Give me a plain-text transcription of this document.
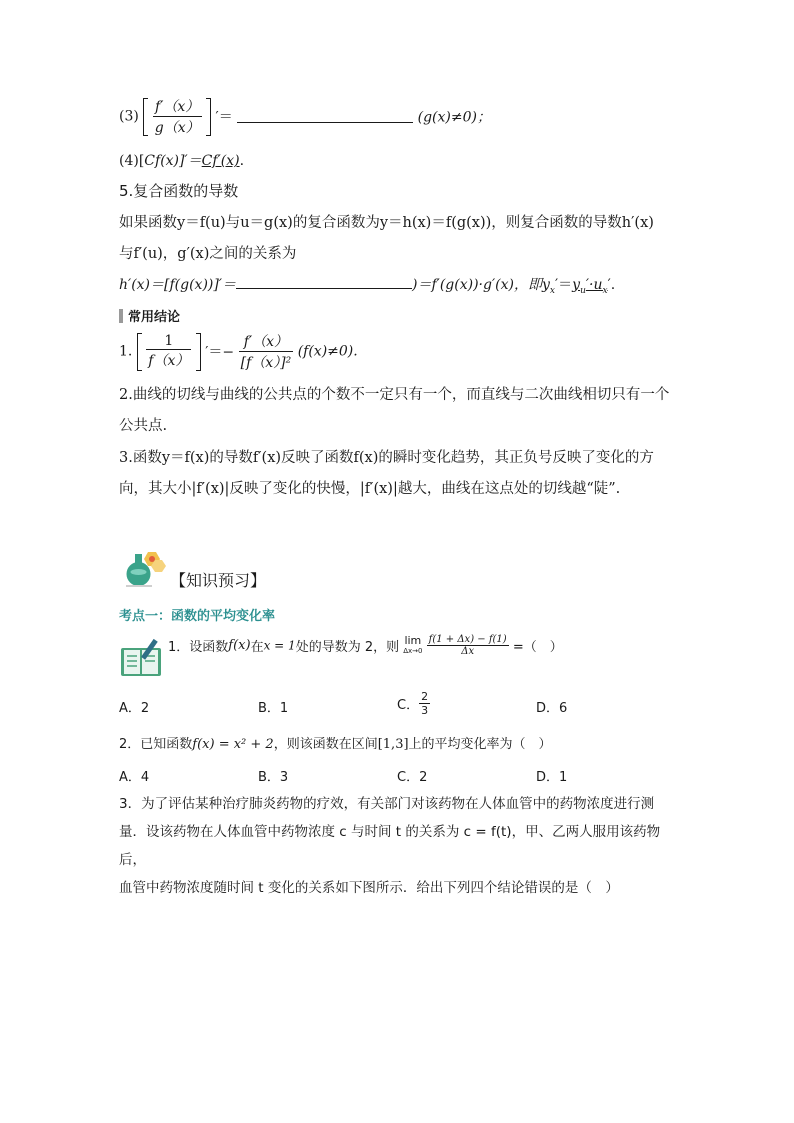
$(3) \frac{f'(x)}{g(x)}$ ′＝	(g(x)≠0)；
(4)[Cf(x)]′＝Cf′(x).
5.复合函数的导数
如果函数y＝f(u)与u＝g(x)的复合函数为y＝h(x)＝f(g(x))，则复合函数的导数h′(x)
与f′(u)，g′(x)之间的关系为
h′(x)＝[f(g(x))]′＝	)＝f′(g(x))·g′(x)，即$y_x'=y_u'\cdot u_x'$.
常用结论
1. $\frac{1}{f(x)}$ ′＝− $\frac{f'(x)}{\text{[f（x）]²}} (f(x)\ne 0)$.
2.曲线的切线与曲线的公共点的个数不一定只有一个，而直线与二次曲线相切只有一个公共点.
3.函数y＝f(x)的导数f′(x)反映了函数f(x)的瞬时变化趋势，其正负号反映了变化的方向，其大小|f′(x)|反映了变化的快慢，|f′(x)|越大，曲线在这点处的切线越“陡”.
【知识预习】
考点一：函数的平均变化率
1．设函数f(x)在x = 1处的导数为 2，则 lim
Δx→0
$\frac{f(1 + \Delta x) - f(1)}{\Delta x}$ =（　）
A．2	B．1	C． $\frac{2}{3}$	D．6
2．已知函数f(x) = x² + 2，则该函数在区间[1,3]上的平均变化率为（　）
A．4	B．3	C．2	D．1
3．为了评估某种治疗肺炎药物的疗效，有关部门对该药物在人体血管中的药物浓度进行测
量．设该药物在人体血管中药物浓度 c 与时间 t 的关系为 c = f(t)，甲、乙两人服用该药物后，
血管中药物浓度随时间 t 变化的关系如下图所示．给出下列四个结论错误的是（　）
